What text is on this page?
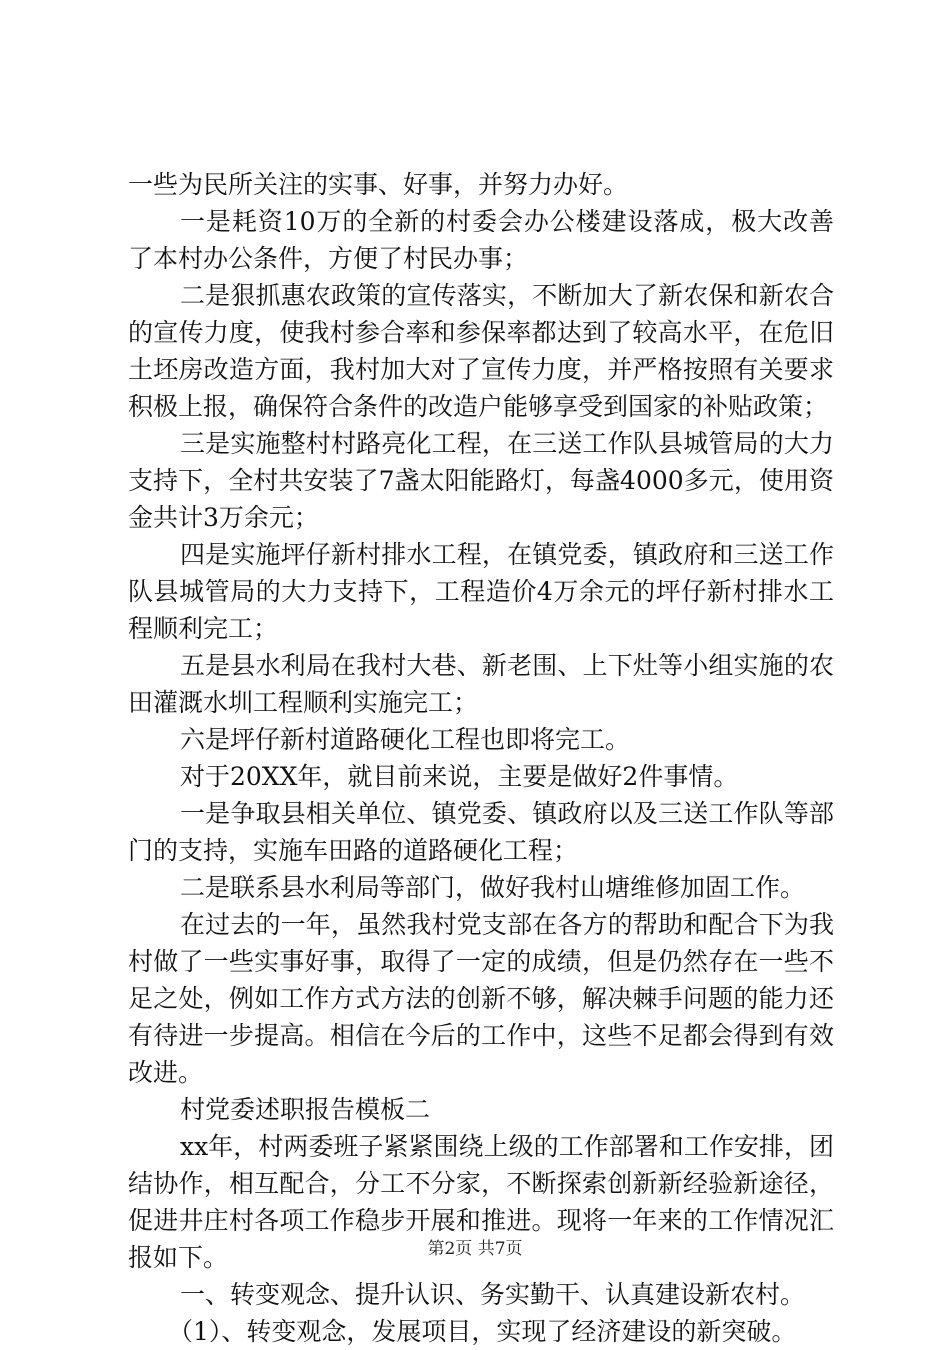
一些为民所关注的实事、好事，并努力办好。

一是耗资10万的全新的村委会办公楼建设落成，极大改善了本村办公条件，方便了村民办事；

二是狠抓惠农政策的宣传落实，不断加大了新农保和新农合的宣传力度，使我村参合率和参保率都达到了较高水平，在危旧土坯房改造方面，我村加大对了宣传力度，并严格按照有关要求积极上报，确保符合条件的改造户能够享受到国家的补贴政策；

三是实施整村村路亮化工程，在三送工作队县城管局的大力支持下，全村共安装了7盏太阳能路灯，每盏4000多元，使用资金共计3万余元；

四是实施坪仔新村排水工程，在镇党委，镇政府和三送工作队县城管局的大力支持下，工程造价4万余元的坪仔新村排水工程顺利完工；

五是县水利局在我村大巷、新老围、上下灶等小组实施的农田灌溉水圳工程顺利实施完工；

六是坪仔新村道路硬化工程也即将完工。

对于20XX年，就目前来说，主要是做好2件事情。

一是争取县相关单位、镇党委、镇政府以及三送工作队等部门的支持，实施车田路的道路硬化工程；

二是联系县水利局等部门，做好我村山塘维修加固工作。

在过去的一年，虽然我村党支部在各方的帮助和配合下为我村做了一些实事好事，取得了一定的成绩，但是仍然存在一些不足之处，例如工作方式方法的创新不够，解决棘手问题的能力还有待进一步提高。相信在今后的工作中，这些不足都会得到有效改进。

村党委述职报告模板二

xx年，村两委班子紧紧围绕上级的工作部署和工作安排，团结协作，相互配合，分工不分家，不断探索创新新经验新途径，促进井庄村各项工作稳步开展和推进。现将一年来的工作情况汇报如下。

一、转变观念、提升认识、务实勤干、认真建设新农村。

（1）、转变观念，发展项目，实现了经济建设的新突破。

第2页 共7页
